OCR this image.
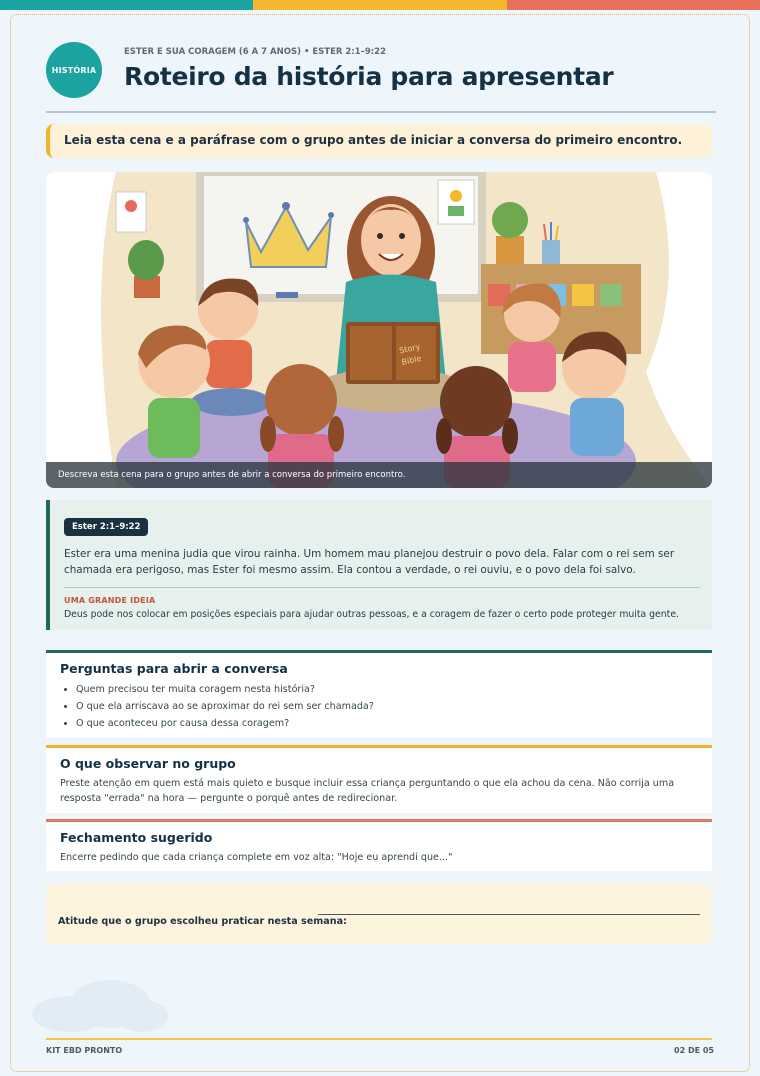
HISTÓRIA
ESTER E SUA CORAGEM (6 A 7 ANOS) • ESTER 2:1–9:22
Roteiro da história para apresentar
Leia esta cena e a paráfrase com o grupo antes de iniciar a conversa do primeiro encontro.
Story
Bible
Descreva esta cena para o grupo antes de abrir a conversa do primeiro encontro.
Ester 2:1–9:22
Ester era uma menina judia que virou rainha. Um homem mau planejou destruir o povo dela. Falar com o rei sem ser chamada era perigoso, mas Ester foi mesmo assim. Ela contou a verdade, o rei ouviu, e o povo dela foi salvo.
UMA GRANDE IDEIA
Deus pode nos colocar em posições especiais para ajudar outras pessoas, e a coragem de fazer o certo pode proteger muita gente.
Perguntas para abrir a conversa
• Quem precisou ter muita coragem nesta história?
• O que ela arriscava ao se aproximar do rei sem ser chamada?
• O que aconteceu por causa dessa coragem?
O que observar no grupo

Preste atenção em quem está mais quieto e busque incluir essa criança perguntando o que ela achou da cena. Não corrija uma resposta "errada" na hora — pergunte o porquê antes de redirecionar.

Fechamento sugerido

Encerre pedindo que cada criança complete em voz alta: "Hoje eu aprendi que..."

Atitude que o grupo escolheu praticar nesta semana:
KIT EBD PRONTO	02 DE 05
